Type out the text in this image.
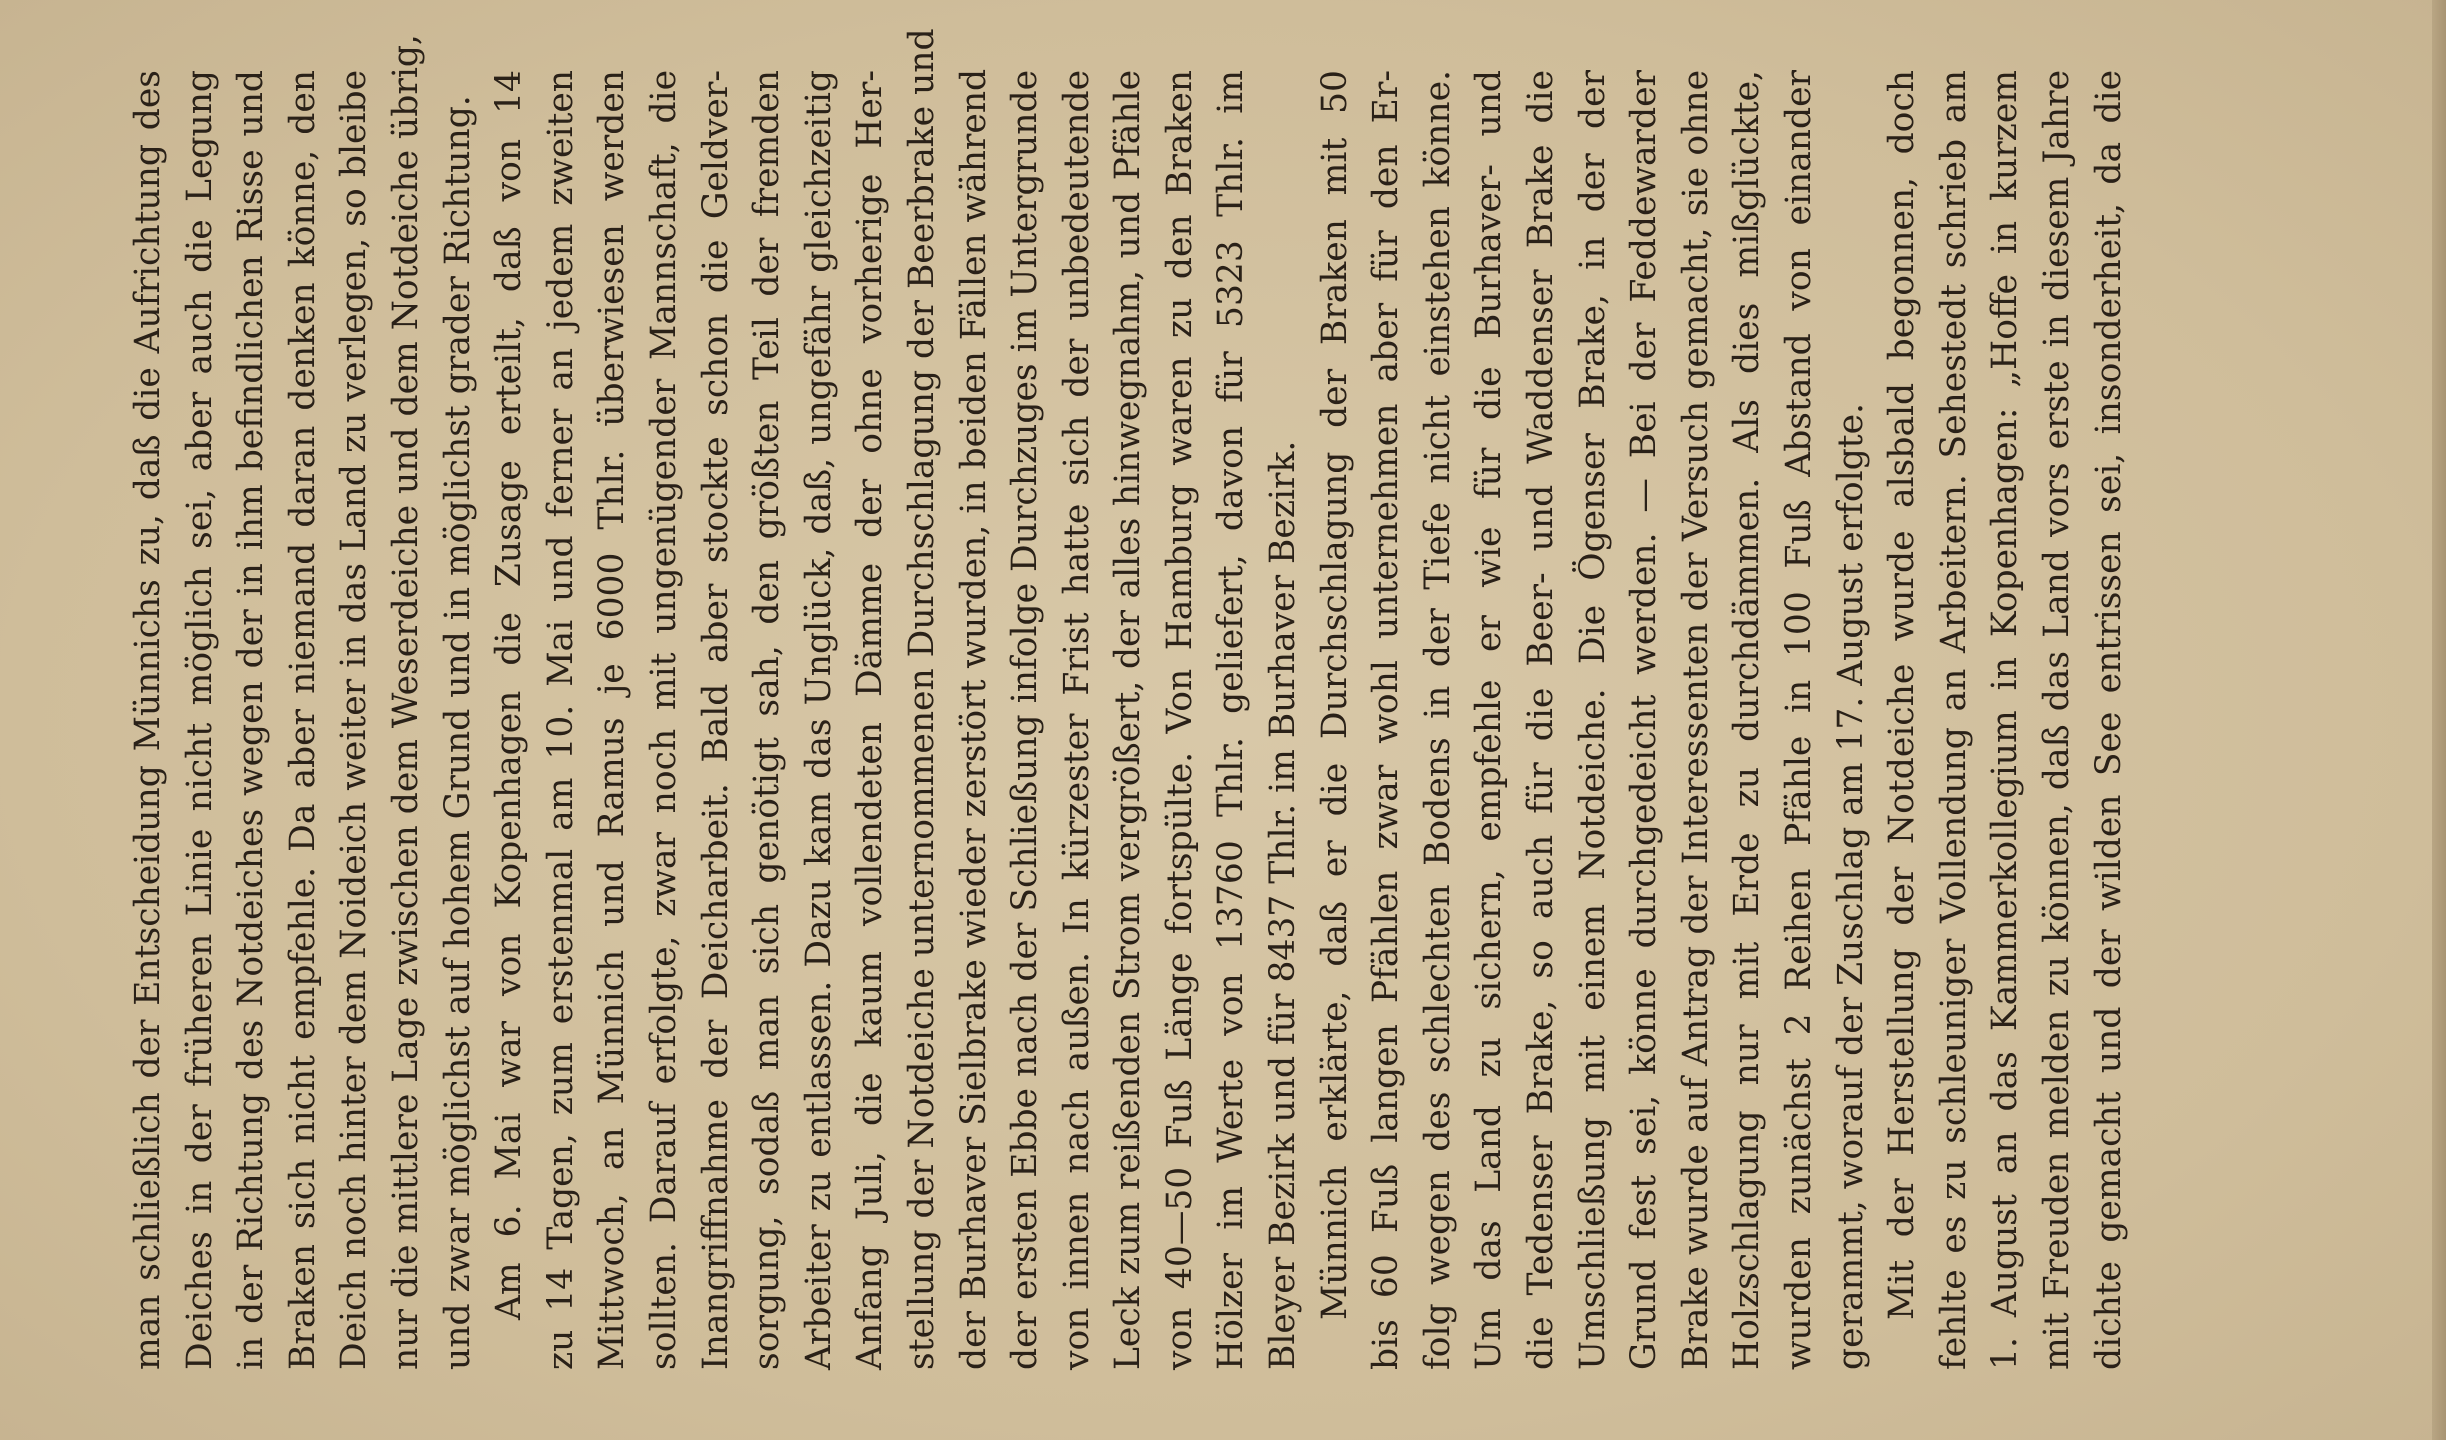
man schließlich der Entscheidung Münnichs zu, daß die Aufrichtung des Deiches in der früheren Linie nicht möglich sei, aber auch die Legung in der Richtung des Notdeiches wegen der in ihm befindlichen Risse und Braken sich nicht empfehle. Da aber niemand daran denken könne, den Deich noch hinter dem Noideich weiter in das Land zu verlegen, so bleibe nur die mittlere Lage zwischen dem Weserdeiche und dem Notdeiche übrig, und zwar möglichst auf hohem Grund und in möglichst grader Richtung. Am 6. Mai war von Kopenhagen die Zusage erteilt, daß von 14 zu 14 Tagen, zum erstenmal am 10. Mai und ferner an jedem zweiten Mittwoch, an Münnich und Ramus je 6000 Thlr. überwiesen werden sollten. Darauf erfolgte, zwar noch mit ungenügender Mannschaft, die Inangriffnahme der Deicharbeit. Bald aber stockte schon die Geldver- sorgung, sodaß man sich genötigt sah, den größten Teil der fremden Arbeiter zu entlassen. Dazu kam das Unglück, daß, ungefähr gleichzeitig Anfang Juli, die kaum vollendeten Dämme der ohne vorherige Her- stellung der Notdeiche unternommenen Durchschlagung der Beerbrake und der Burhaver Sielbrake wieder zerstört wurden, in beiden Fällen während der ersten Ebbe nach der Schließung infolge Durchzuges im Untergrunde von innen nach außen. In kürzester Frist hatte sich der unbedeutende Leck zum reißenden Strom vergrößert, der alles hinwegnahm, und Pfähle von 40—50 Fuß Länge fortspülte. Von Hamburg waren zu den Braken Hölzer im Werte von 13760 Thlr. geliefert, davon für 5323 Thlr. im Bleyer Bezirk und für 8437 Thlr. im Burhaver Bezirk. Münnich erklärte, daß er die Durchschlagung der Braken mit 50 bis 60 Fuß langen Pfählen zwar wohl unternehmen aber für den Er- folg wegen des schlechten Bodens in der Tiefe nicht einstehen könne. Um das Land zu sichern, empfehle er wie für die Burhaver- und die Tedenser Brake, so auch für die Beer- und Waddenser Brake die Umschließung mit einem Notdeiche. Die Ögenser Brake, in der der Grund fest sei, könne durchgedeicht werden. — Bei der Feddewarder Brake wurde auf Antrag der Interessenten der Versuch gemacht, sie ohne Holzschlagung nur mit Erde zu durchdämmen. Als dies mißglückte, wurden zunächst 2 Reihen Pfähle in 100 Fuß Abstand von einander gerammt, worauf der Zuschlag am 17. August erfolgte. Mit der Herstellung der Notdeiche wurde alsbald begonnen, doch fehlte es zu schleuniger Vollendung an Arbeitern. Sehestedt schrieb am 1. August an das Kammerkollegium in Kopenhagen: „Hoffe in kurzem mit Freuden melden zu können, daß das Land vors erste in diesem Jahre dichte gemacht und der wilden See entrissen sei, insonderheit, da die
